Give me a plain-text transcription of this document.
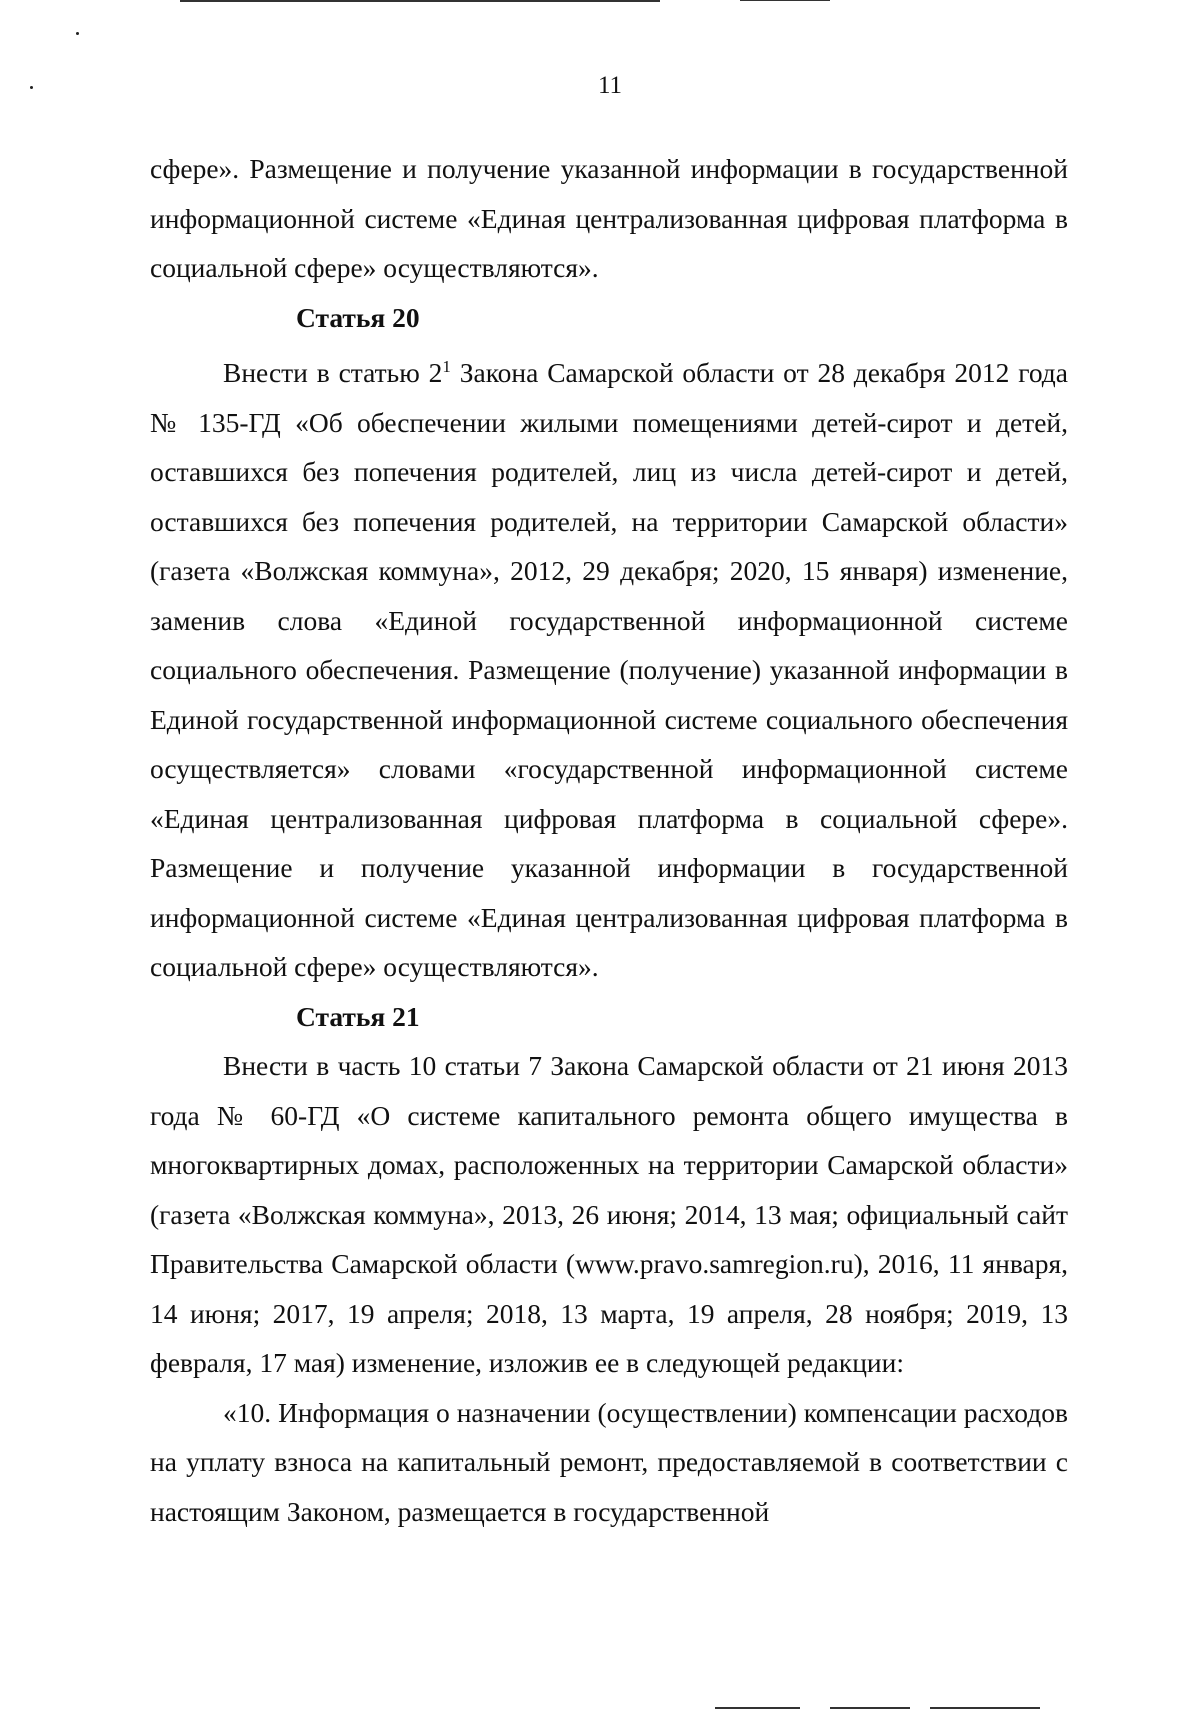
11

сфере». Размещение и получение указанной информации в государственной информационной системе «Единая централизованная цифровая платформа в социальной сфере» осуществляются».

Статья 20

Внести в статью $2^1$ Закона Самарской области от 28 декабря 2012 года № 135-ГД «Об обеспечении жилыми помещениями детей-сирот и детей, оставшихся без попечения родителей, лиц из числа детей-сирот и детей, оставшихся без попечения родителей, на территории Самарской области» (газета «Волжская коммуна», 2012, 29 декабря; 2020, 15 января) изменение, заменив слова «Единой государственной информационной системе социального обеспечения. Размещение (получение) указанной информации в Единой государственной информационной системе социального обеспечения осуществляется» словами «государственной информационной системе «Единая централизованная цифровая платформа в социальной сфере». Размещение и получение указанной информации в государственной информационной системе «Единая централизованная цифровая платформа в социальной сфере» осуществляются».

Статья 21

Внести в часть 10 статьи 7 Закона Самарской области от 21 июня 2013 года № 60-ГД «О системе капитального ремонта общего имущества в многоквартирных домах, расположенных на территории Самарской области» (газета «Волжская коммуна», 2013, 26 июня; 2014, 13 мая; официальный сайт Правительства Самарской области (www.pravo.samregion.ru), 2016, 11 января, 14 июня; 2017, 19 апреля; 2018, 13 марта, 19 апреля, 28 ноября; 2019, 13 февраля, 17 мая) изменение, изложив ее в следующей редакции:

«10. Информация о назначении (осуществлении) компенсации расходов на уплату взноса на капитальный ремонт, предоставляемой в соответствии с настоящим Законом, размещается в государственной
